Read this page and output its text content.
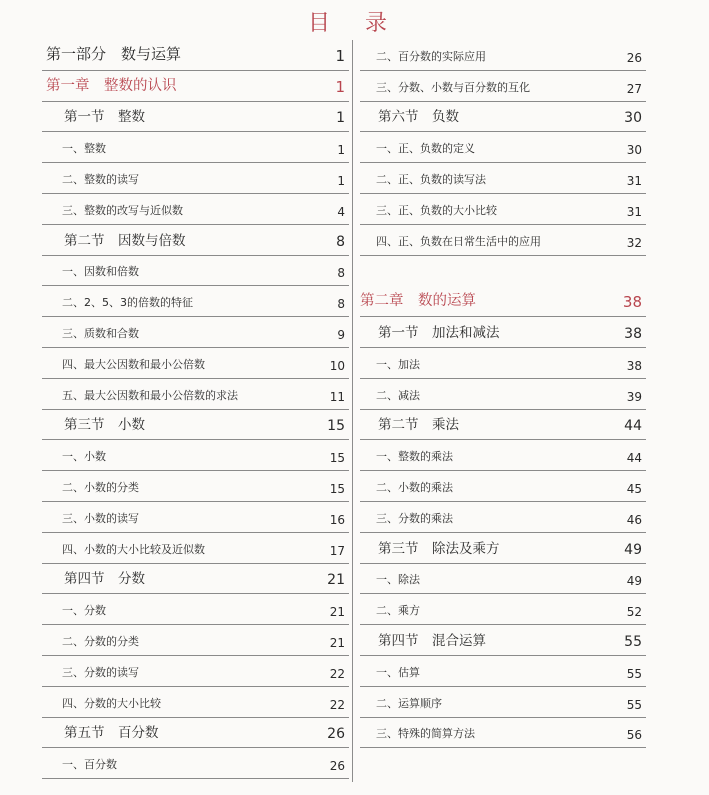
目 录
第一部分　数与运算	1
第一章　整数的认识	1
第一节　整数	1
一、整数	1
二、整数的读写	1
三、整数的改写与近似数	4
第二节　因数与倍数	8
一、因数和倍数	8
二、2、5、3的倍数的特征	8
三、质数和合数	9
四、最大公因数和最小公倍数	10
五、最大公因数和最小公倍数的求法	11
第三节　小数	15
一、小数	15
二、小数的分类	15
三、小数的读写	16
四、小数的大小比较及近似数	17
第四节　分数	21
一、分数	21
二、分数的分类	21
三、分数的读写	22
四、分数的大小比较	22
第五节　百分数	26
一、百分数	26
二、百分数的实际应用	26
三、分数、小数与百分数的互化	27
第六节　负数	30
一、正、负数的定义	30
二、正、负数的读写法	31
三、正、负数的大小比较	31
四、正、负数在日常生活中的应用	32
第二章　数的运算	38
第一节　加法和减法	38
一、加法	38
二、减法	39
第二节　乘法	44
一、整数的乘法	44
二、小数的乘法	45
三、分数的乘法	46
第三节　除法及乘方	49
一、除法	49
二、乘方	52
第四节　混合运算	55
一、估算	55
二、运算顺序	55
三、特殊的简算方法	56
